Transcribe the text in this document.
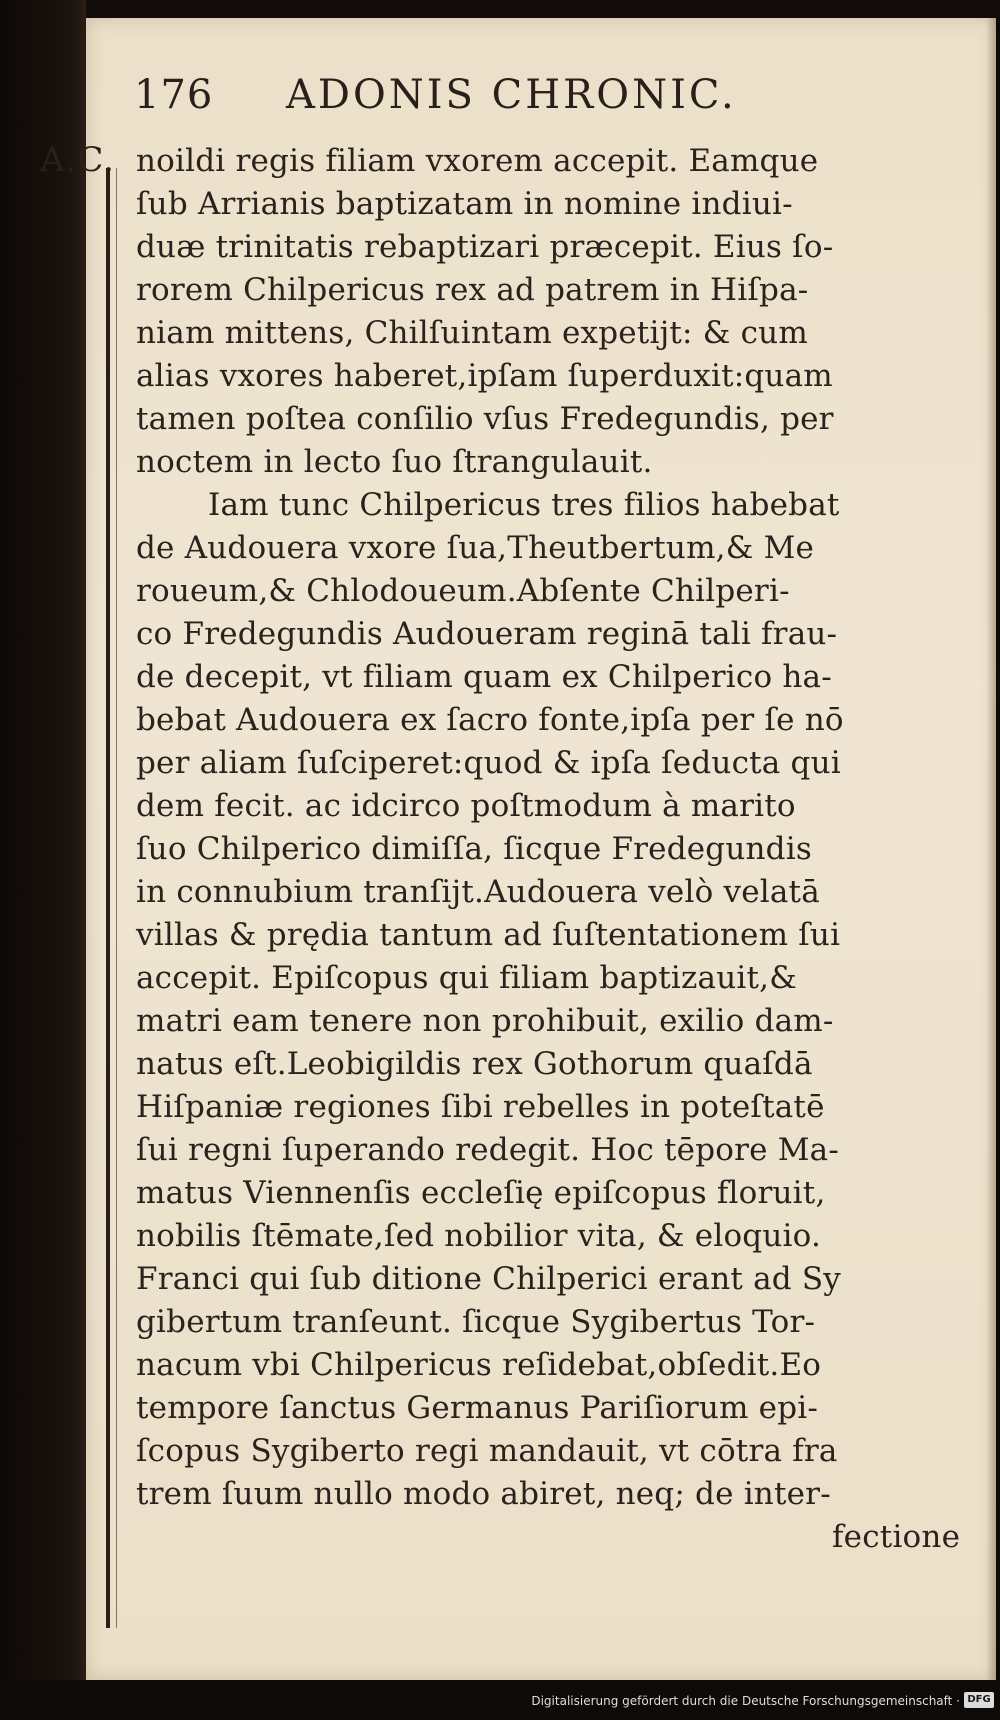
176 ADONIS CHRONIC.
A.C. noildi regis filiam vxorem accepit. Eamque
ſub Arrianis baptizatam in nomine indiui-
duæ trinitatis rebaptizari præcepit. Eius ſo-
rorem Chilpericus rex ad patrem in Hiſpa-
niam mittens, Chilſuintam expetijt: & cum
alias vxores haberet,ipſam ſuperduxit:quam
tamen poſtea conſilio vſus Fredegundis, per
noctem in lecto ſuo ſtrangulauit.
Iam tunc Chilpericus tres filios habebat
de Audouera vxore ſua,Theutbertum,& Me
roueum,& Chlodoueum.Abſente Chilperi-
co Fredegundis Audoueram reginā tali frau-
de decepit, vt filiam quam ex Chilperico ha-
bebat Audouera ex ſacro fonte,ipſa per ſe nō
per aliam ſuſciperet:quod & ipſa ſeducta qui
dem fecit. ac idcirco poſtmodum à marito
ſuo Chilperico dimiſſa, ſicque Fredegundis
in connubium tranſijt.Audouera velò velatā
villas & prędia tantum ad ſuſtentationem ſui
accepit. Epiſcopus qui filiam baptizauit,&
matri eam tenere non prohibuit, exilio dam-
natus eſt.Leobigildis rex Gothorum quaſdā
Hiſpaniæ regiones ſibi rebelles in poteſtatē
ſui regni ſuperando redegit. Hoc tēpore Ma-
matus Viennenſis eccleſię epiſcopus floruit,
nobilis ſtēmate,ſed nobilior vita, & eloquio.
Franci qui ſub ditione Chilperici erant ad Sy
gibertum tranſeunt. ſicque Sygibertus Tor-
nacum vbi Chilpericus reſidebat,obſedit.Eo
tempore ſanctus Germanus Pariſiorum epi-
ſcopus Sygiberto regi mandauit, vt cōtra fra
trem ſuum nullo modo abiret, neq; de inter-
fectione
Digitalisierung gefördert durch die Deutsche Forschungsgemeinschaft · DFG
